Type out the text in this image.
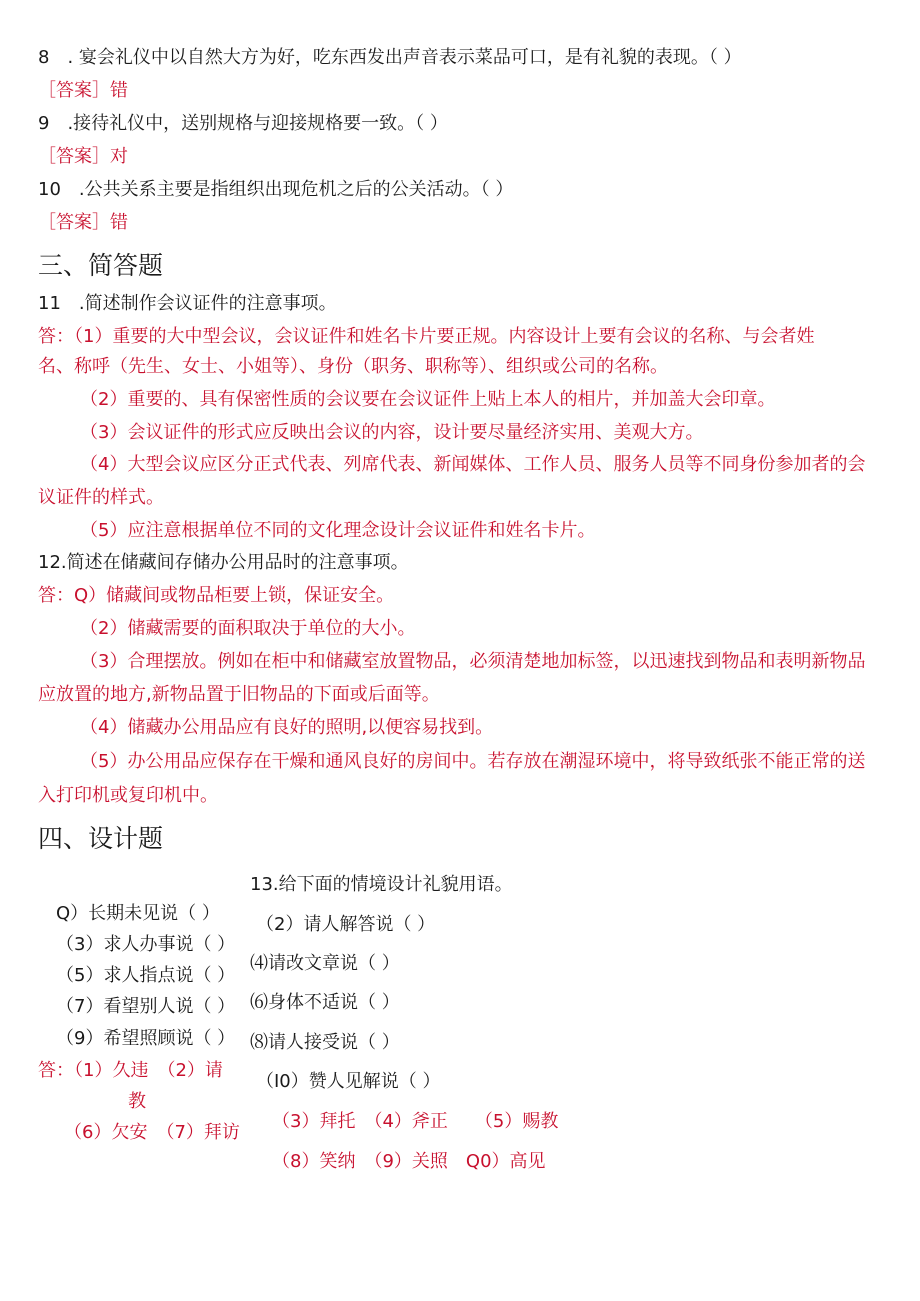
8　. 宴会礼仪中以自然大方为好，吃东西发出声音表示菜品可口，是有礼貌的表现。（ ）
［答案］错
9　.接待礼仪中，送别规格与迎接规格要一致。（ ）
［答案］对
10　.公共关系主要是指组织出现危机之后的公关活动。（ ）
［答案］错
三、简答题
11　.简述制作会议证件的注意事项。
答：（1）重要的大中型会议，会议证件和姓名卡片要正规。内容设计上要有会议的名称、与会者姓
名、称呼（先生、女士、小姐等）、身份（职务、职称等）、组织或公司的名称。
（2）重要的、具有保密性质的会议要在会议证件上贴上本人的相片，并加盖大会印章。
（3）会议证件的形式应反映出会议的内容，设计要尽量经济实用、美观大方。
（4）大型会议应区分正式代表、列席代表、新闻媒体、工作人员、服务人员等不同身份参加者的会
议证件的样式。
（5）应注意根据单位不同的文化理念设计会议证件和姓名卡片。
12.简述在储藏间存储办公用品时的注意事项。
答：Q）储藏间或物品柜要上锁，保证安全。
（2）储藏需要的面积取决于单位的大小。
（3）合理摆放。例如在柜中和储藏室放置物品，必须清楚地加标签，以迅速找到物品和表明新物品
应放置的地方,新物品置于旧物品的下面或后面等。
（4）储藏办公用品应有良好的照明,以便容易找到。
（5）办公用品应保存在干燥和通风良好的房间中。若存放在潮湿环境中，将导致纸张不能正常的送
入打印机或复印机中。
四、设计题
13.给下面的情境设计礼貌用语。
Q）长期未见说（ ）
（3）求人办事说（ ）
（5）求人指点说（ ）
（7）看望别人说（ ）
（9）希望照顾说（ ）
（2）请人解答说（ ）
⑷请改文章说（ ）
⑹身体不适说（ ）
⑻请人接受说（ ）
（I0）赞人见解说（ ）
答：（1）久违　（2）请
教
（6）欠安　（7）拜访
（3）拜托　（4）斧正　　（5）赐教
（8）笑纳　（9）关照　Q0）高见
